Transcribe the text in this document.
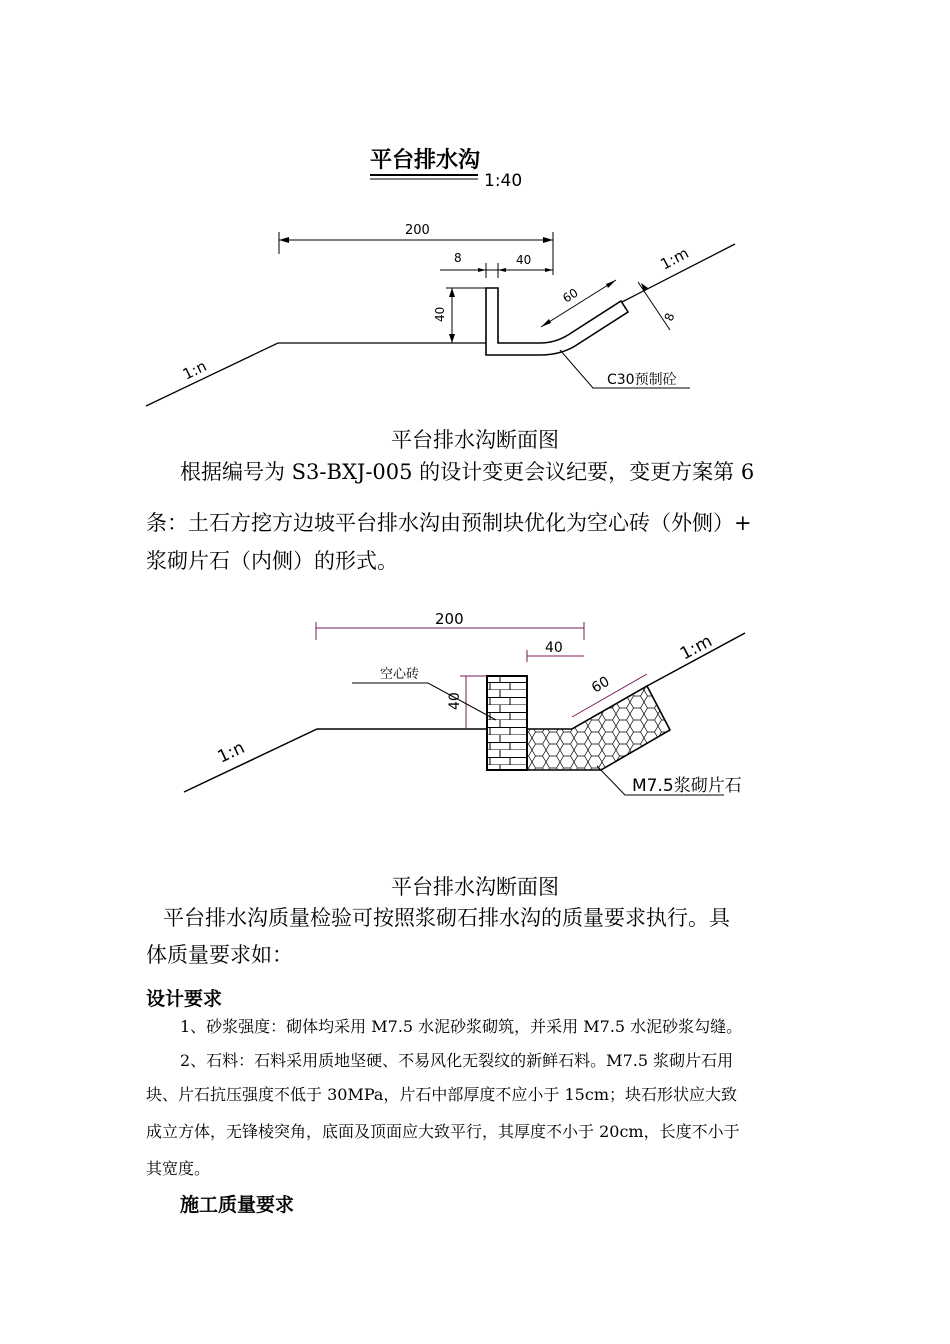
平台排水沟
1:40
1:n
1:m
200
8	40
40
60
8
C30预制砼
平台排水沟断面图
根据编号为 S3-BXJ-005 的设计变更会议纪要，变更方案第 6
条：土石方挖方边坡平台排水沟由预制块优化为空心砖（外侧）+
浆砌片石（内侧）的形式。
1:n
1:m
200
40
40
60
空心砖
M7.5浆砌片石
平台排水沟断面图
平台排水沟质量检验可按照浆砌石排水沟的质量要求执行。具
体质量要求如：
设计要求
1、砂浆强度：砌体均采用 M7.5 水泥砂浆砌筑，并采用 M7.5 水泥砂浆勾缝。
2、石料：石料采用质地坚硬、不易风化无裂纹的新鲜石料。M7.5 浆砌片石用
块、片石抗压强度不低于 30MPa，片石中部厚度不应小于 15cm；块石形状应大致
成立方体，无锋棱突角，底面及顶面应大致平行，其厚度不小于 20cm，长度不小于
其宽度。
施工质量要求
